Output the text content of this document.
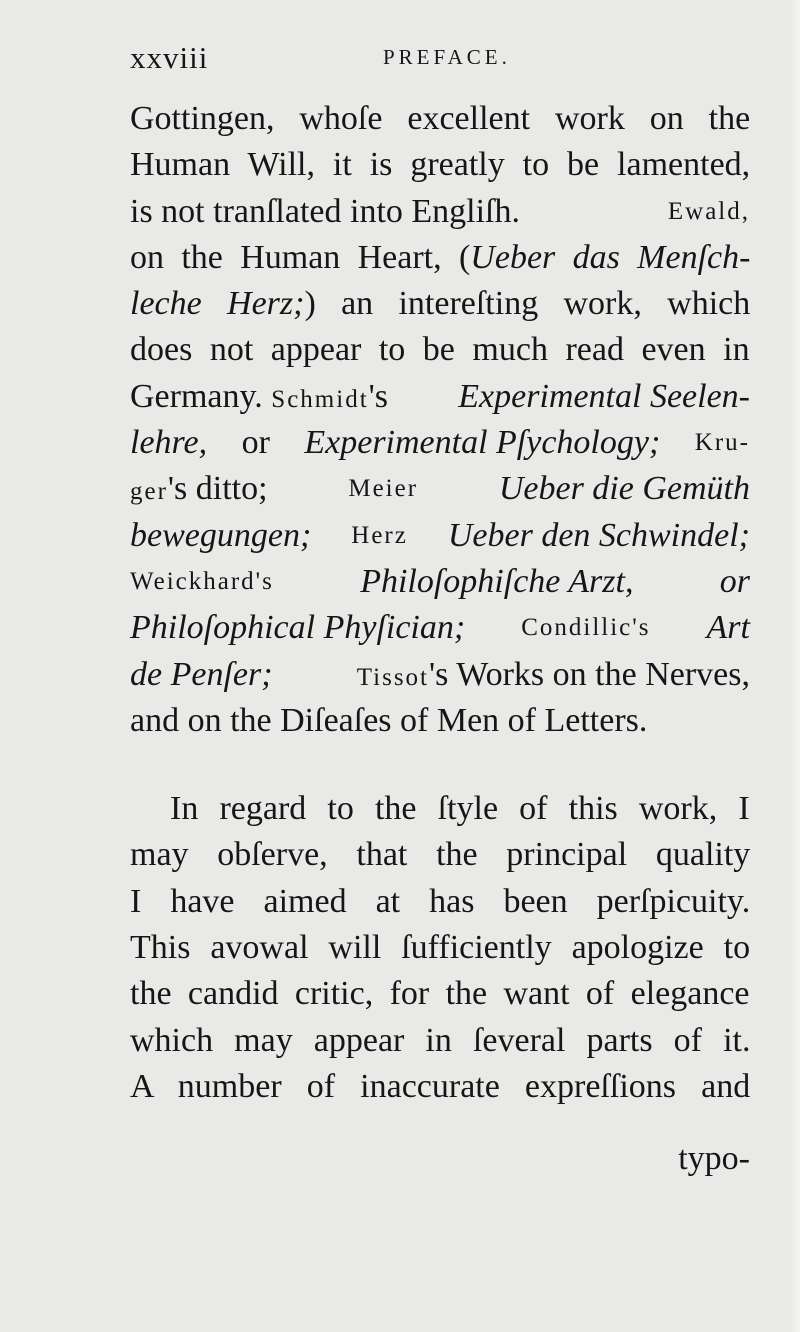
xxviii	PREFACE.
Gottingen, whoſe excellent work on the
Human Will, it is greatly to be lamented,
is not tranſlated into Engliſh.	Ewald,
on the Human Heart, (Ueber das Menſch-
leche Herz;) an intereſting work, which
does not appear to be much read even in
Germany. Schmidt's Experimental Seelen-
lehre, or Experimental Pſychology; Kru-
ger's ditto;	Meier Ueber die Gemüth
bewegungen; Herz Ueber den Schwindel;
Weickhard's	Philoſophiſche Arzt,	or
Philoſophical Phyſician; Condillic's Art
de Penſer;	Tissot's Works on the Nerves,
and on the Diſeaſes of Men of Letters.
In regard to the ſtyle of this work, I
may obſerve, that the principal quality
I have aimed at has been perſpicuity.
This avowal will ſufficiently apologize to
the candid critic, for the want of elegance
which may appear in ſeveral parts of it.
A number of inaccurate expreſſions and
typo-
